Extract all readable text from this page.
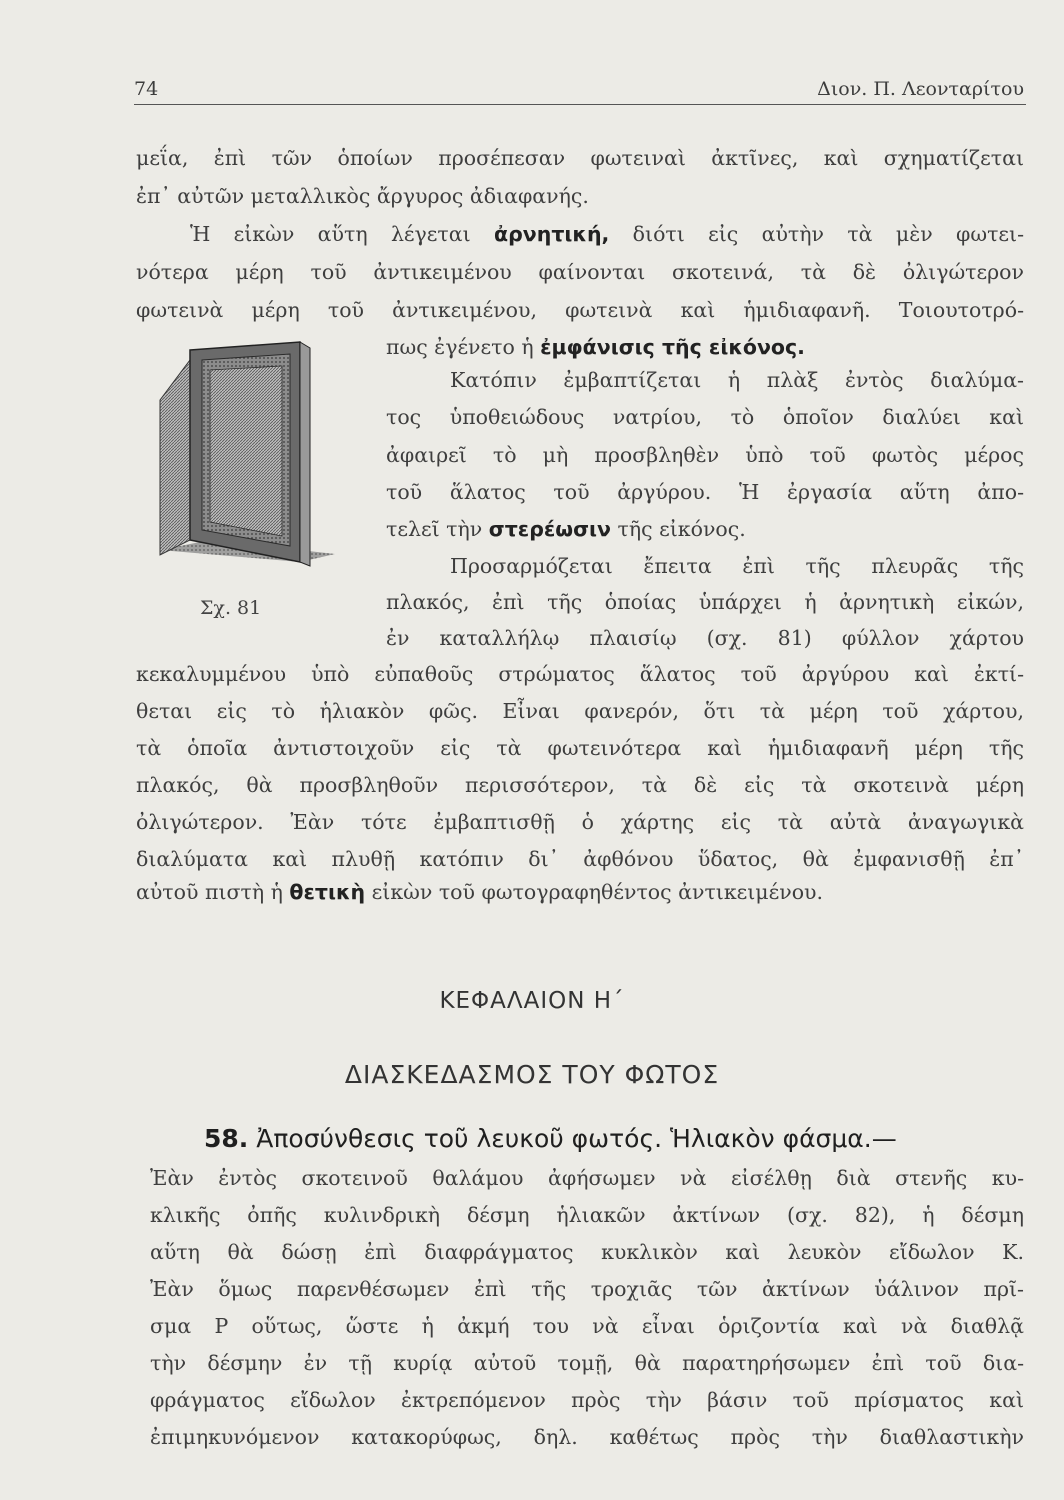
74	Διον. Π. Λεονταρίτου
μεΐα, ἐπὶ τῶν ὁποίων προσέπεσαν φωτειναὶ ἀκτῖνες, καὶ σχηματίζεται
ἐπ᾽ αὐτῶν μεταλλικὸς ἄργυρος ἀδιαφανής.
Ἡ εἰκὼν αὕτη λέγεται ἀρνητική, διότι εἰς αὐτὴν τὰ μὲν φωτει-
νότερα μέρη τοῦ ἀντικειμένου φαίνονται σκοτεινά, τὰ δὲ ὀλιγώτερον
φωτεινὰ μέρη τοῦ ἀντικειμένου, φωτεινὰ καὶ ἡμιδιαφανῆ. Τοιουτοτρό-
πως ἐγένετο ἡ ἐμφάνισις τῆς εἰκόνος.
Κατόπιν ἐμβαπτίζεται ἡ πλὰξ ἐντὸς διαλύμα-
τος ὑποθειώδους νατρίου, τὸ ὁποῖον διαλύει καὶ
ἀφαιρεῖ τὸ μὴ προσβληθὲν ὑπὸ τοῦ φωτὸς μέρος
τοῦ ἅλατος τοῦ ἀργύρου. Ἡ ἐργασία αὕτη ἀπο-
τελεῖ τὴν στερέωσιν τῆς εἰκόνος.
Προσαρμόζεται ἔπειτα ἐπὶ τῆς πλευρᾶς τῆς
πλακός, ἐπὶ τῆς ὁποίας ὑπάρχει ἡ ἀρνητικὴ εἰκών,
ἐν καταλλήλῳ πλαισίῳ (σχ. 81) φύλλον χάρτου
κεκαλυμμένου ὑπὸ εὐπαθοῦς στρώματος ἅλατος τοῦ ἀργύρου καὶ ἐκτί-
θεται εἰς τὸ ἡλιακὸν φῶς. Εἶναι φανερόν, ὅτι τὰ μέρη τοῦ χάρτου,
τὰ ὁποῖα ἀντιστοιχοῦν εἰς τὰ φωτεινότερα καὶ ἡμιδιαφανῆ μέρη τῆς
πλακός, θὰ προσβληθοῦν περισσότερον, τὰ δὲ εἰς τὰ σκοτεινὰ μέρη
ὀλιγώτερον. Ἐὰν τότε ἐμβαπτισθῇ ὁ χάρτης εἰς τὰ αὐτὰ ἀναγωγικὰ
διαλύματα καὶ πλυθῇ κατόπιν δι᾽ ἀφθόνου ὕδατος, θὰ ἐμφανισθῇ ἐπ᾽
αὐτοῦ πιστὴ ἡ θετικὴ εἰκὼν τοῦ φωτογραφηθέντος ἀντικειμένου.
Σχ. 81
ΚΕΦΑΛΑΙΟΝ Η΄
ΔΙΑΣΚΕΔΑΣΜΟΣ ΤΟΥ ΦΩΤΟΣ
58. Ἀποσύνθεσις τοῦ λευκοῦ φωτός. Ἡλιακὸν φάσμα.—
Ἐὰν ἐντὸς σκοτεινοῦ θαλάμου ἀφήσωμεν νὰ εἰσέλθῃ διὰ στενῆς κυ-
κλικῆς ὀπῆς κυλινδρικὴ δέσμη ἡλιακῶν ἀκτίνων (σχ. 82), ἡ δέσμη
αὕτη θὰ δώσῃ ἐπὶ διαφράγματος κυκλικὸν καὶ λευκὸν εἴδωλον Κ.
Ἐὰν ὅμως παρενθέσωμεν ἐπὶ τῆς τροχιᾶς τῶν ἀκτίνων ὑάλινον πρῖ-
σμα Ρ οὕτως, ὥστε ἡ ἀκμή του νὰ εἶναι ὁριζοντία καὶ νὰ διαθλᾷ
τὴν δέσμην ἐν τῇ κυρίᾳ αὐτοῦ τομῇ, θὰ παρατηρήσωμεν ἐπὶ τοῦ δια-
φράγματος εἴδωλον ἐκτρεπόμενον πρὸς τὴν βάσιν τοῦ πρίσματος καὶ
ἐπιμηκυνόμενον κατακορύφως, δηλ. καθέτως πρὸς τὴν διαθλαστικὴν
